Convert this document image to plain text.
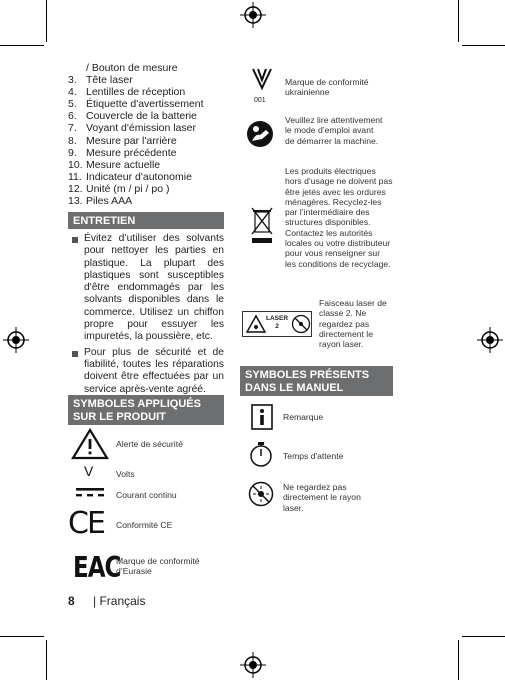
/ Bouton de mesure
3. Tête laser
4. Lentilles de réception
5. Étiquette d'avertissement
6. Couvercle de la batterie
7. Voyant d'émission laser
8. Mesure par l'arrière
9. Mesure précédente
10. Mesure actuelle
11. Indicateur d'autonomie
12. Unité (m / pi / po )
13. Piles AAA
ENTRETIEN
Évitez d’utiliser des solvants pour nettoyer les parties en plastique. La plupart des plastiques sont susceptibles d'être endommagés par les solvants disponibles dans le commerce. Utilisez un chiffon propre pour essuyer les impuretés, la poussière, etc.
Pour plus de sécurité et de fiabilité, toutes les réparations doivent être effectuées par un service après-vente agréé.
SYMBOLES APPLIQUÉS SUR LE PRODUIT
Alerte de sécurité
V	Volts
Courant continu
CE Conformité CE
EAC
Marque de conformité d’Eurasie
001
Marque de conformité ukrainienne
Veuillez lire attentivement le mode d’emploi avant de démarrer la machine.
Les produits électriques hors d’usage ne doivent pas être jetés avec les ordures ménagères. Recyclez-les par l’intermédiaire des structures disponibles. Contactez les autorités locales ou votre distributeur pour vous renseigner sur les conditions de recyclage.
LASER
2
Faisceau laser de classe 2. Ne regardez pas directement le rayon laser.
SYMBOLES PRÉSENTS DANS LE MANUEL
Remarque
Temps d'attente
Ne regardez pas directement le rayon laser.
8 | Français
